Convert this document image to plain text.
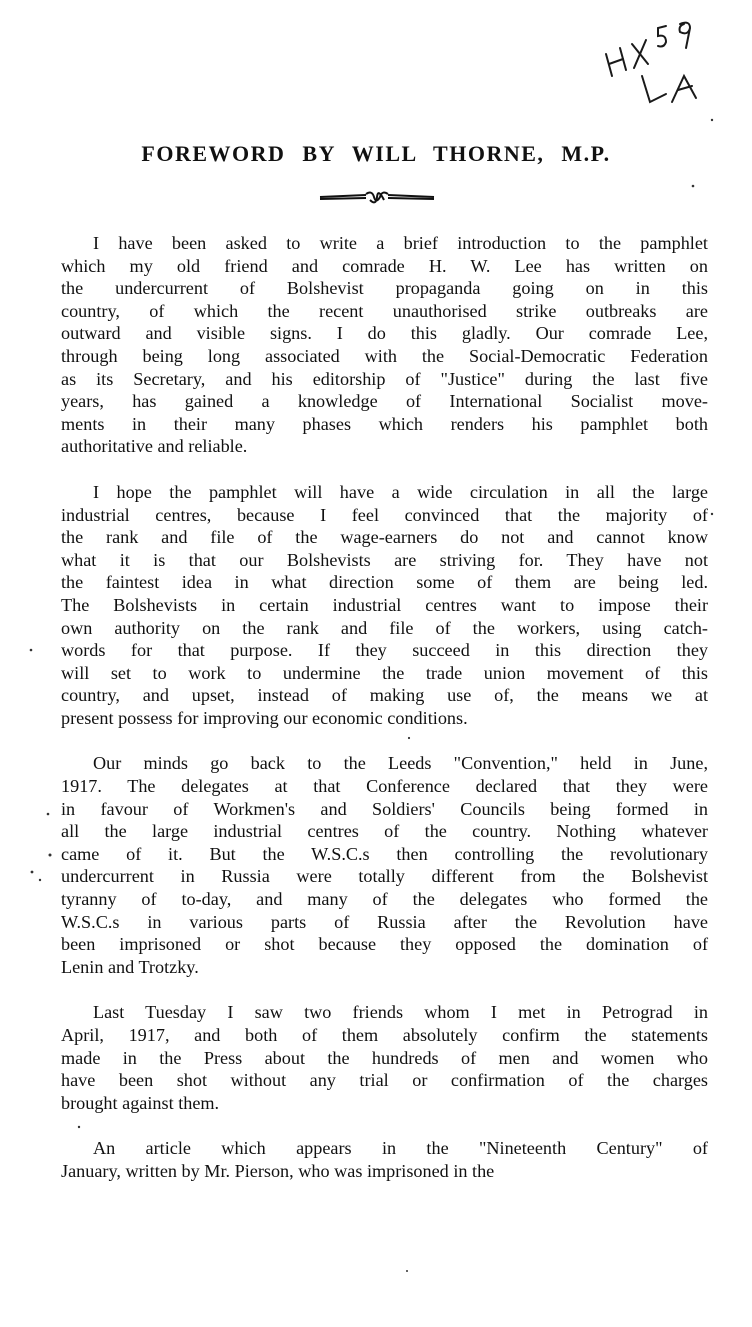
FOREWORD BY WILL THORNE, M.P.

I have been asked to write a brief introduction to the pamphlet
which my old friend and comrade H. W. Lee has written on
the undercurrent of Bolshevist propaganda going on in this
country, of which the recent unauthorised strike outbreaks are
outward and visible signs. I do this gladly. Our comrade Lee,
through being long associated with the Social-Democratic Federation
as its Secretary, and his editorship of "Justice" during the last five
years, has gained a knowledge of International Socialist move-
ments in their many phases which renders his pamphlet both
authoritative and reliable.

I hope the pamphlet will have a wide circulation in all the large
industrial centres, because I feel convinced that the majority of
the rank and file of the wage-earners do not and cannot know
what it is that our Bolshevists are striving for. They have not
the faintest idea in what direction some of them are being led.
The Bolshevists in certain industrial centres want to impose their
own authority on the rank and file of the workers, using catch-
words for that purpose. If they succeed in this direction they
will set to work to undermine the trade union movement of this
country, and upset, instead of making use of, the means we at
present possess for improving our economic conditions.

Our minds go back to the Leeds "Convention," held in June,
1917. The delegates at that Conference declared that they were
in favour of Workmen's and Soldiers' Councils being formed in
all the large industrial centres of the country. Nothing whatever
came of it. But the W.S.C.s then controlling the revolutionary
undercurrent in Russia were totally different from the Bolshevist
tyranny of to-day, and many of the delegates who formed the
W.S.C.s in various parts of Russia after the Revolution have
been imprisoned or shot because they opposed the domination of
Lenin and Trotzky.

Last Tuesday I saw two friends whom I met in Petrograd in
April, 1917, and both of them absolutely confirm the statements
made in the Press about the hundreds of men and women who
have been shot without any trial or confirmation of the charges
brought against them.

An article which appears in the "Nineteenth Century" of
January, written by Mr. Pierson, who was imprisoned in the
